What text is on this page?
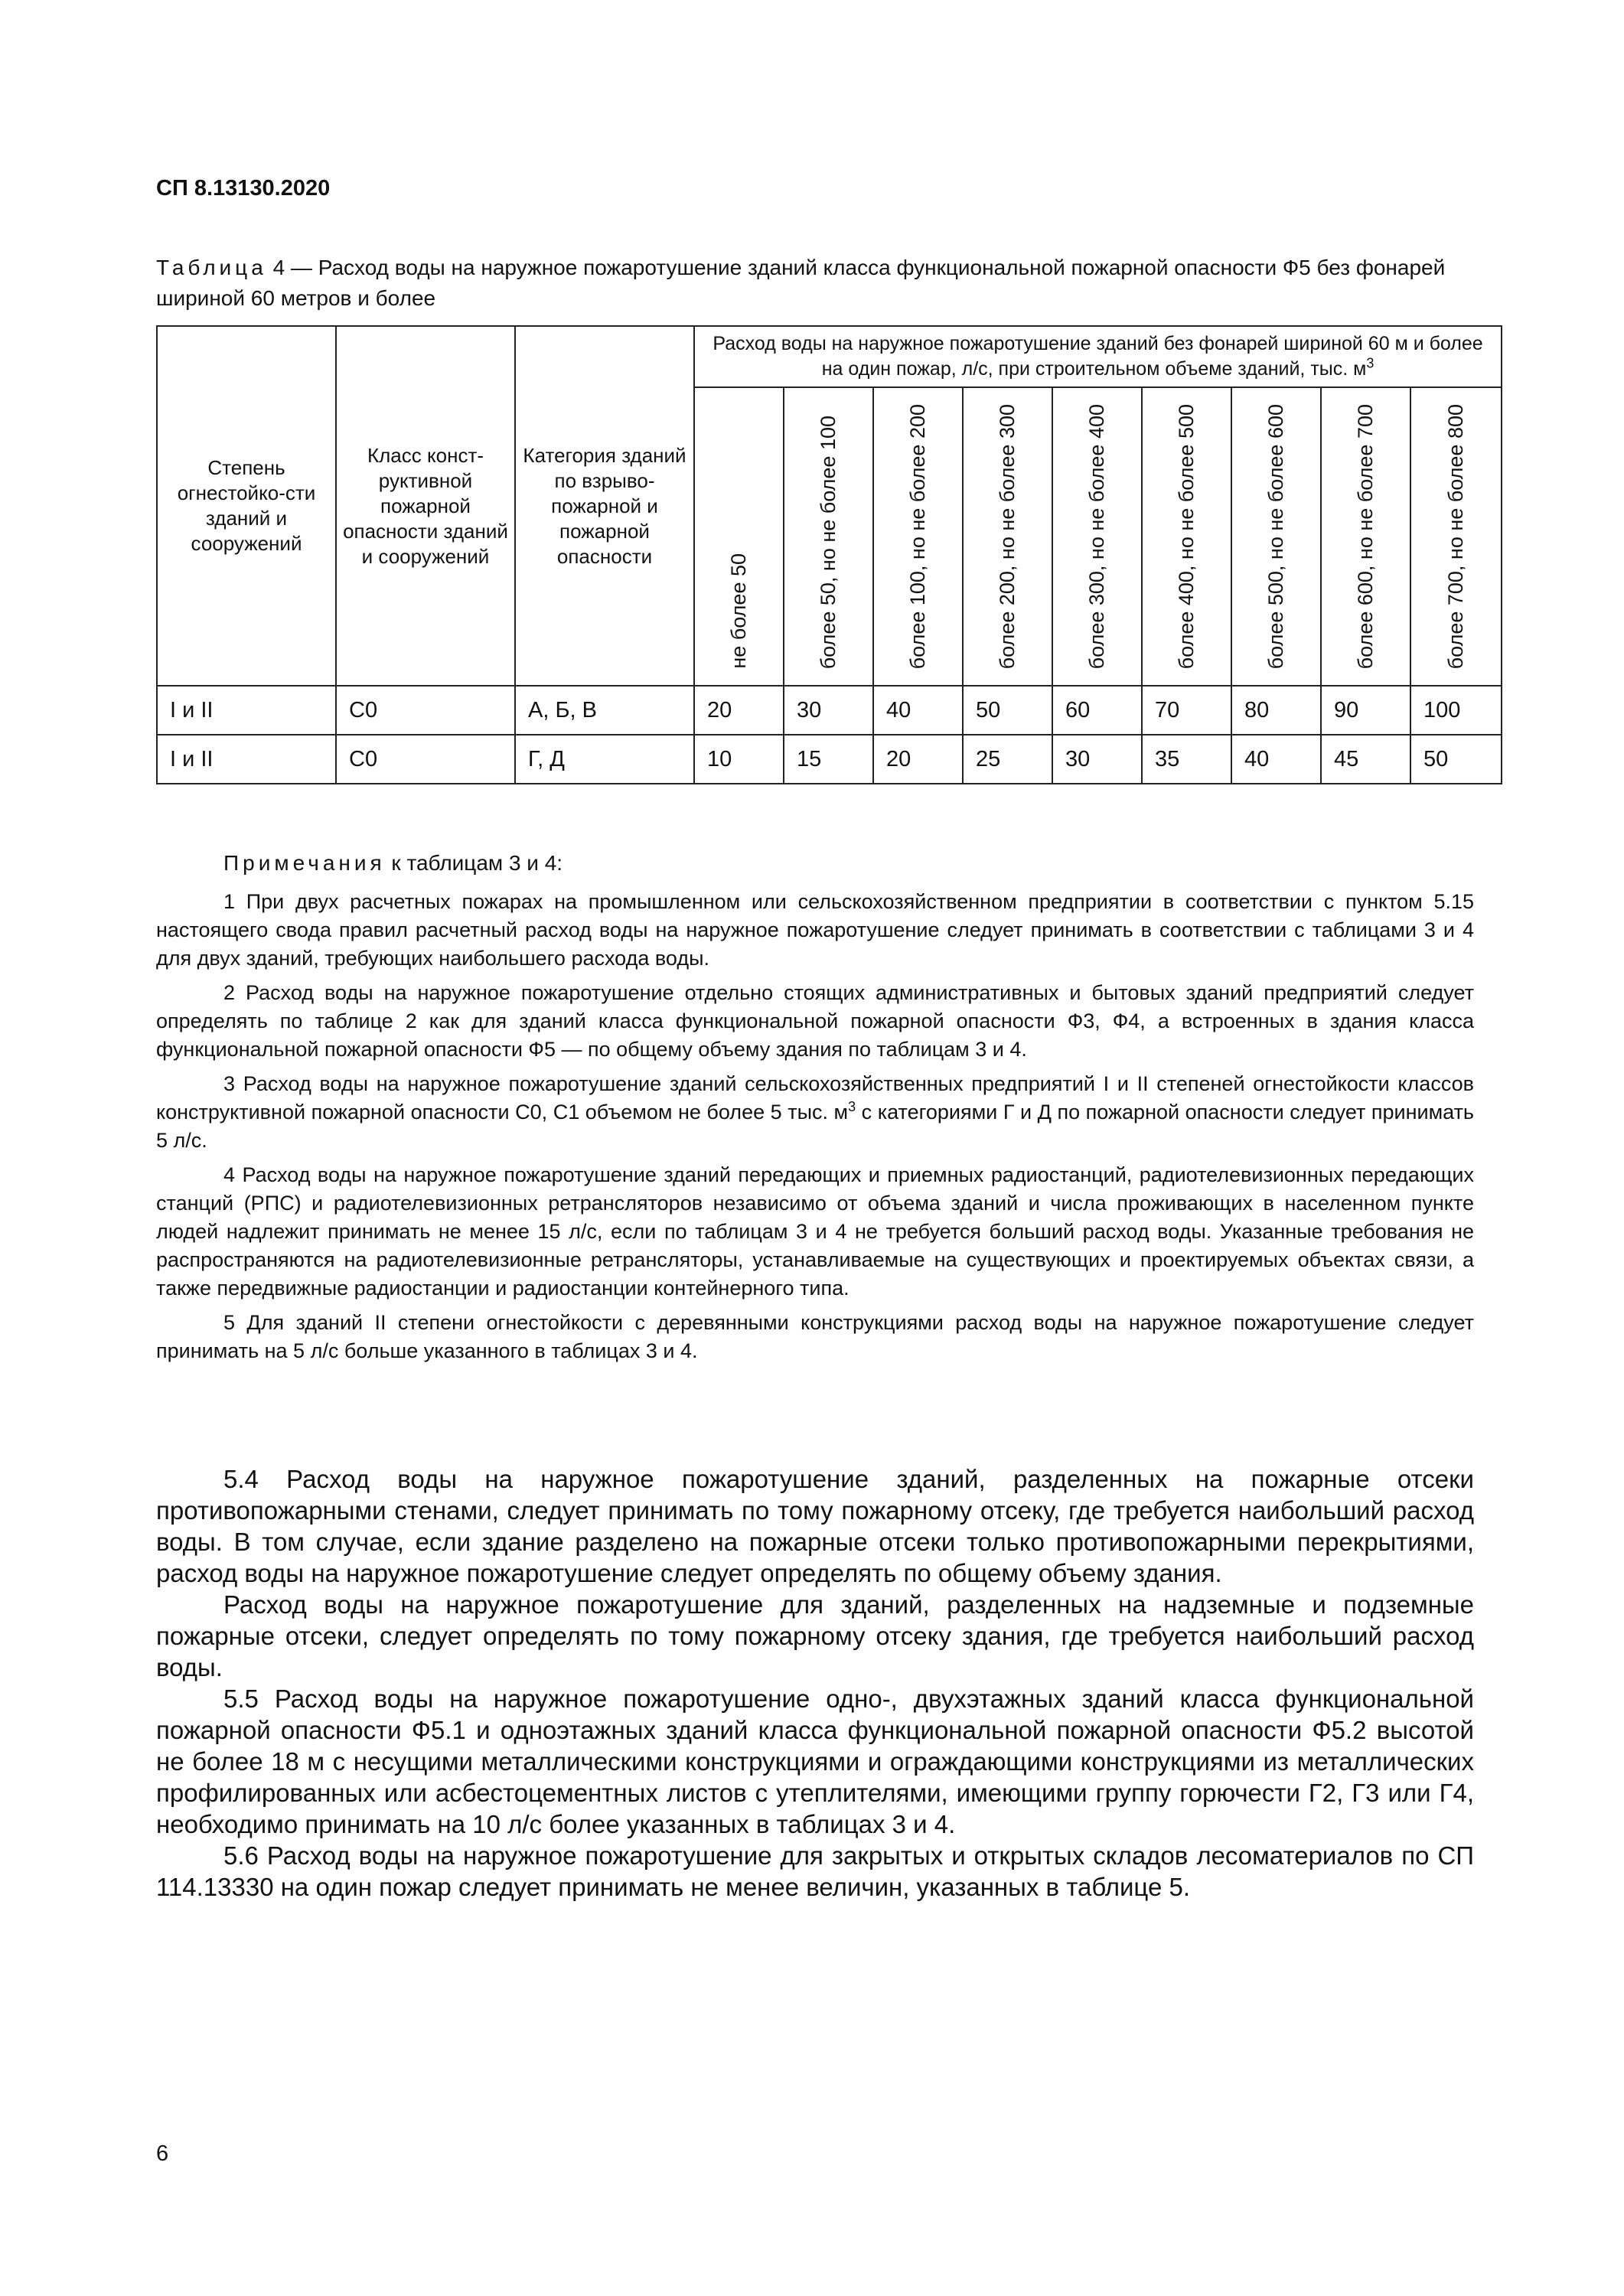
СП 8.13130.2020
Таблица 4 — Расход воды на наружное пожаротушение зданий класса функциональной пожарной опасности Ф5 без фонарей шириной 60 метров и более
Степень огнестойко-сти зданий и сооружений	Класс конст-руктивной пожарной опасности зданий и сооружений	Категория зданий по взрыво-пожарной и пожарной опасности	Расход воды на наружное пожаротушение зданий без фонарей шириной 60 м и более на один пожар, л/с, при строительном объеме зданий, тыс. $м^3$
			не более 50	более 50, но не более 100	более 100, но не более 200	более 200, но не более 300	более 300, но не более 400	более 400, но не более 500	более 500, но не более 600	более 600, но не более 700	более 700, но не более 800
I и II	С0	А, Б, В	20	30	40	50	60	70	80	90	100
I и II	С0	Г, Д	10	15	20	25	30	35	40	45	50
Примечания к таблицам 3 и 4:

1 При двух расчетных пожарах на промышленном или сельскохозяйственном предприятии в соответствии с пунктом 5.15 настоящего свода правил расчетный расход воды на наружное пожаротушение следует принимать в соответствии с таблицами 3 и 4 для двух зданий, требующих наибольшего расхода воды.

2 Расход воды на наружное пожаротушение отдельно стоящих административных и бытовых зданий предприятий следует определять по таблице 2 как для зданий класса функциональной пожарной опасности Ф3, Ф4, а встроенных в здания класса функциональной пожарной опасности Ф5 — по общему объему здания по таблицам 3 и 4.

3 Расход воды на наружное пожаротушение зданий сельскохозяйственных предприятий I и II степеней огнестойкости классов конструктивной пожарной опасности С0, С1 объемом не более 5 тыс. $м^3$ с категориями Г и Д по пожарной опасности следует принимать 5 л/с.

4 Расход воды на наружное пожаротушение зданий передающих и приемных радиостанций, радиотелевизионных передающих станций (РПС) и радиотелевизионных ретрансляторов независимо от объема зданий и числа проживающих в населенном пункте людей надлежит принимать не менее 15 л/с, если по таблицам 3 и 4 не требуется больший расход воды. Указанные требования не распространяются на радиотелевизионные ретрансляторы, устанавливаемые на существующих и проектируемых объектах связи, а также передвижные радиостанции и радиостанции контейнерного типа.

5 Для зданий II степени огнестойкости с деревянными конструкциями расход воды на наружное пожаротушение следует принимать на 5 л/с больше указанного в таблицах 3 и 4.

5.4 Расход воды на наружное пожаротушение зданий, разделенных на пожарные отсеки противопожарными стенами, следует принимать по тому пожарному отсеку, где требуется наибольший расход воды. В том случае, если здание разделено на пожарные отсеки только противопожарными перекрытиями, расход воды на наружное пожаротушение следует определять по общему объему здания.

Расход воды на наружное пожаротушение для зданий, разделенных на надземные и подземные пожарные отсеки, следует определять по тому пожарному отсеку здания, где требуется наибольший расход воды.

5.5 Расход воды на наружное пожаротушение одно-, двухэтажных зданий класса функциональной пожарной опасности Ф5.1 и одноэтажных зданий класса функциональной пожарной опасности Ф5.2 высотой не более 18 м с несущими металлическими конструкциями и ограждающими конструкциями из металлических профилированных или асбестоцементных листов с утеплителями, имеющими группу горючести Г2, Г3 или Г4, необходимо принимать на 10 л/с более указанных в таблицах 3 и 4.

5.6 Расход воды на наружное пожаротушение для закрытых и открытых складов лесоматериалов по СП 114.13330 на один пожар следует принимать не менее величин, указанных в таблице 5.

6
